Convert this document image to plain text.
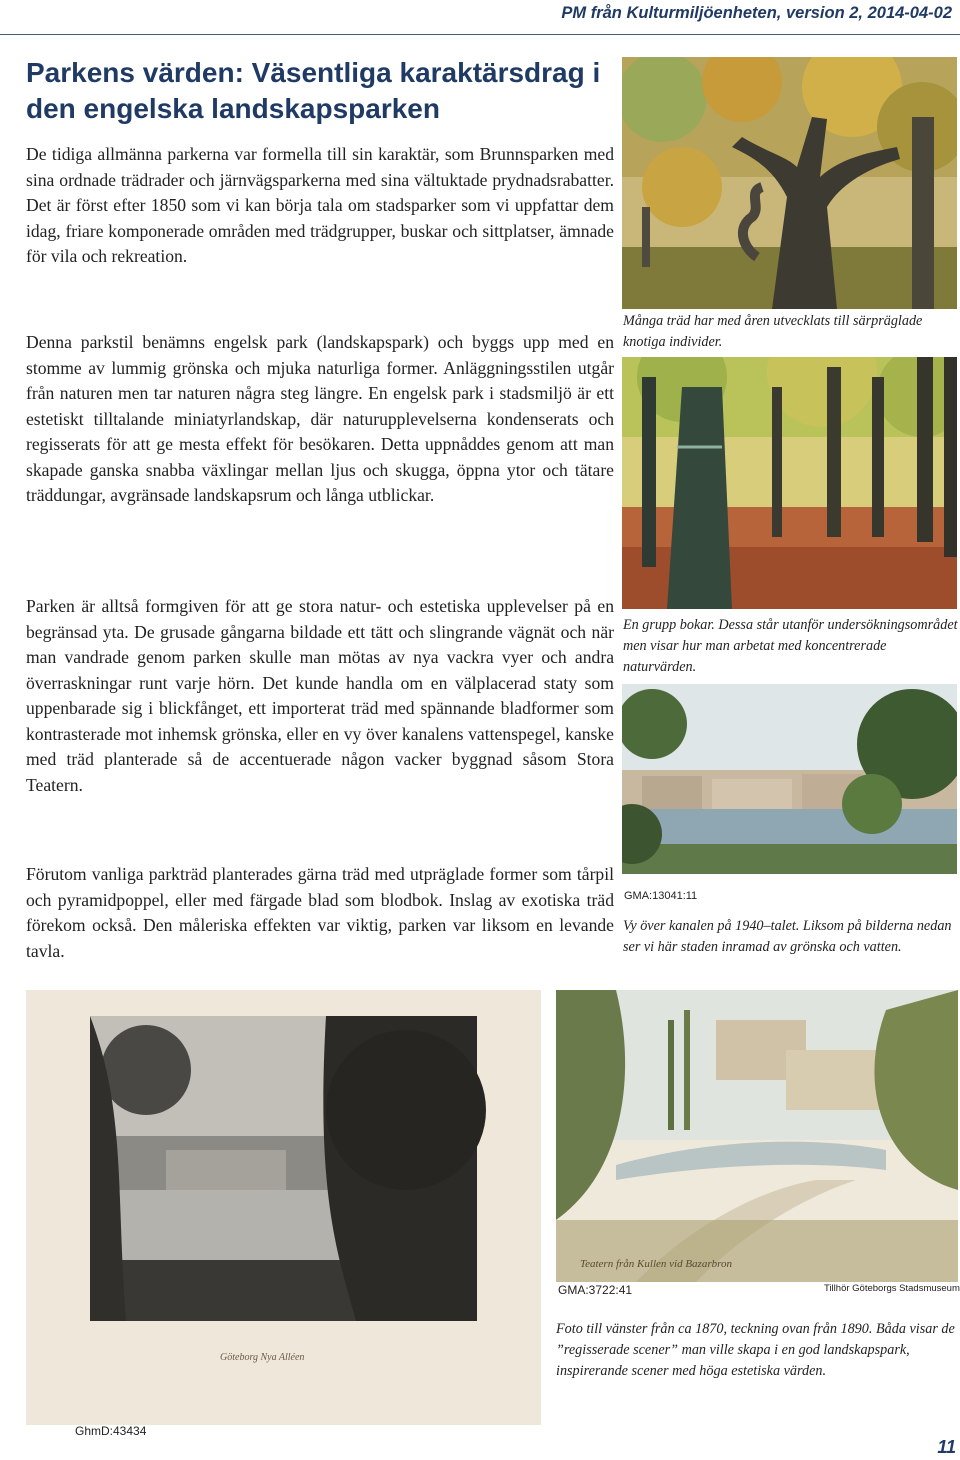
PM från Kulturmiljöenheten, version 2, 2014-04-02
Parkens värden: Väsentliga karaktärsdrag i den engelska landskapsparken

De tidiga allmänna parkerna var formella till sin karaktär, som Brunnsparken med sina ordnade trädrader och järnvägsparkerna med sina vältuktade prydnadsrabatter. Det är först efter 1850 som vi kan börja tala om stadsparker som vi uppfattar dem idag, friare komponerade områden med trädgrupper, buskar och sittplatser, ämnade för vila och rekreation.

Denna parkstil benämns engelsk park (landskapspark) och byggs upp med en stomme av lummig grönska och mjuka naturliga former. Anläggningsstilen utgår från naturen men tar naturen några steg längre. En engelsk park i stadsmiljö är ett estetiskt tilltalande miniatyrlandskap, där naturupplevelserna kondenserats och regisserats för att ge mesta effekt för besökaren. Detta uppnåddes genom att man skapade ganska snabba växlingar mellan ljus och skugga, öppna ytor och tätare träddungar, avgränsade landskapsrum och långa utblickar.

Parken är alltså formgiven för att ge stora natur- och estetiska upplevelser på en begränsad yta. De grusade gångarna bildade ett tätt och slingrande vägnät och när man vandrade genom parken skulle man mötas av nya vackra vyer och andra överraskningar runt varje hörn. Det kunde handla om en välplacerad staty som uppenbarade sig i blickfånget, ett importerat träd med spännande bladformer som kontrasterade mot inhemsk grönska, eller en vy över kanalens vattenspegel, kanske med träd planterade så de accentuerade någon vacker byggnad såsom Stora Teatern.

Förutom vanliga parkträd planterades gärna träd med utpräglade former som tårpil och pyramidpoppel, eller med färgade blad som blodbok. Inslag av exotiska träd förekom också. Den måleriska effekten var viktig, parken var liksom en levande tavla.

Många träd har med åren utvecklats till särpräglade knotiga individer.

En grupp bokar. Dessa står utanför undersökningsområdet men visar hur man arbetat med koncentrerade naturvärden.

GMA:13041:11

Vy över kanalen på 1940–talet. Liksom på bilderna nedan ser vi här staden inramad av grönska och vatten.

Göteborg Nya Alléen
GhmD:43434
Teatern från Kullen vid Bazarbron
GMA:3722:41	Tillhör Göteborgs Stadsmuseum

Foto till vänster från ca 1870, teckning ovan från 1890. Båda visar de ”regisserade scener” man ville skapa i en god landskapspark, inspirerande scener med höga estetiska värden.

11
